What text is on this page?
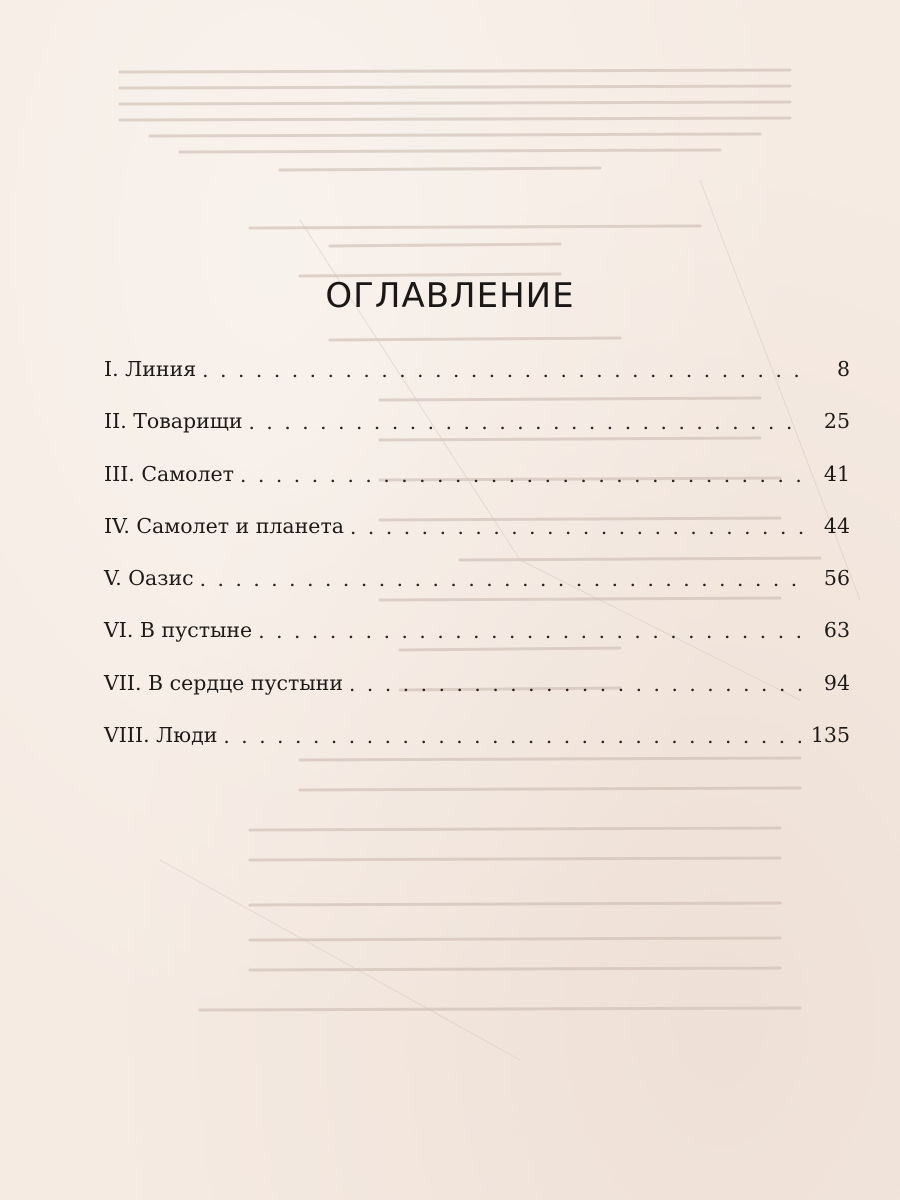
ОГЛАВЛЕНИЕ
I. Линия . . .	8
II. Товарищи . . .	25
III. Самолет . . .	41
IV. Самолет и планета . . .	44
V. Оазис . . .	56
VI. В пустыне . . .	63
VII. В сердце пустыни . . .	94
VIII. Люди . . .	135
